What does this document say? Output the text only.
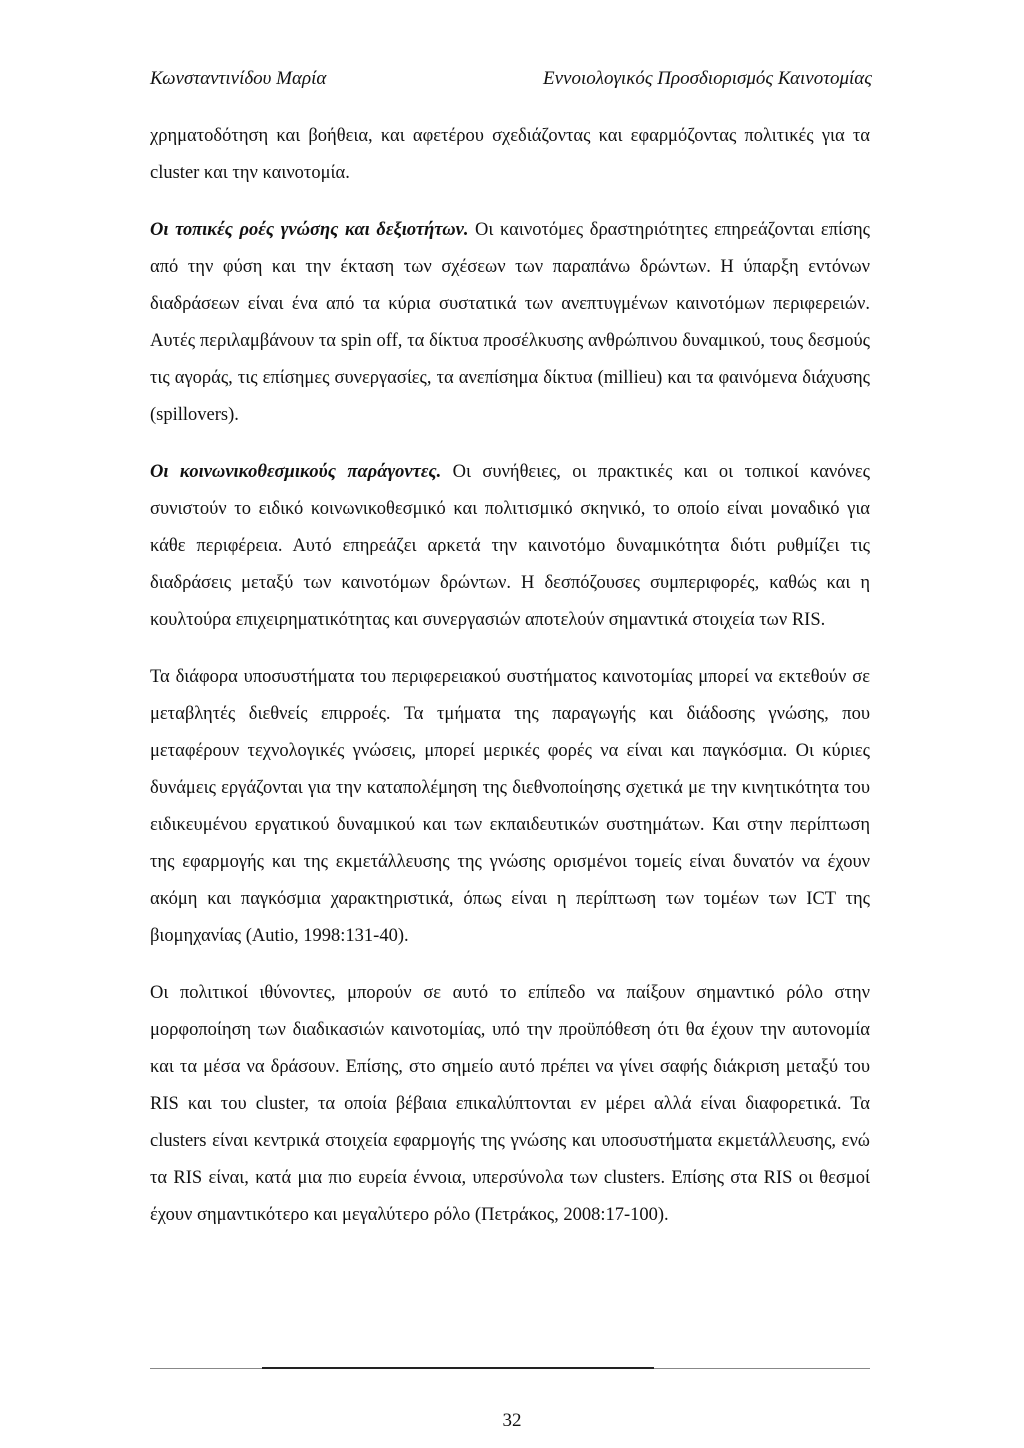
Κωνσταντινίδου Μαρία	Εννοιολογικός Προσδιορισμός Καινοτομίας

χρηματοδότηση και βοήθεια, και αφετέρου σχεδιάζοντας και εφαρμόζοντας πολιτικές για τα cluster και την καινοτομία.

Οι τοπικές ροές γνώσης και δεξιοτήτων. Οι καινοτόμες δραστηριότητες επηρεάζονται επίσης από την φύση και την έκταση των σχέσεων των παραπάνω δρώντων. Η ύπαρξη εντόνων διαδράσεων είναι ένα από τα κύρια συστατικά των ανεπτυγμένων καινοτόμων περιφερειών. Αυτές περιλαμβάνουν τα spin off, τα δίκτυα προσέλκυσης ανθρώπινου δυναμικού, τους δεσμούς τις αγοράς, τις επίσημες συνεργασίες, τα ανεπίσημα δίκτυα (millieu) και τα φαινόμενα διάχυσης (spillovers).

Οι κοινωνικοθεσμικούς παράγοντες. Οι συνήθειες, οι πρακτικές και οι τοπικοί κανόνες συνιστούν το ειδικό κοινωνικοθεσμικό και πολιτισμικό σκηνικό, το οποίο είναι μοναδικό για κάθε περιφέρεια. Αυτό επηρεάζει αρκετά την καινοτόμο δυναμικότητα διότι ρυθμίζει τις διαδράσεις μεταξύ των καινοτόμων δρώντων. Η δεσπόζουσες συμπεριφορές, καθώς και η κουλτούρα επιχειρηματικότητας και συνεργασιών αποτελούν σημαντικά στοιχεία των RIS.

Τα διάφορα υποσυστήματα του περιφερειακού συστήματος καινοτομίας μπορεί να εκτεθούν σε μεταβλητές διεθνείς επιρροές. Τα τμήματα της παραγωγής και διάδοσης γνώσης, που μεταφέρουν τεχνολογικές γνώσεις, μπορεί μερικές φορές να είναι και παγκόσμια. Οι κύριες δυνάμεις εργάζονται για την καταπολέμηση της διεθνοποίησης σχετικά με την κινητικότητα του ειδικευμένου εργατικού δυναμικού και των εκπαιδευτικών συστημάτων. Και στην περίπτωση της εφαρμογής και της εκμετάλλευσης της γνώσης ορισμένοι τομείς είναι δυνατόν να έχουν ακόμη και παγκόσμια χαρακτηριστικά, όπως είναι η περίπτωση των τομέων των ICT της βιομηχανίας (Autio, 1998:131-40).

Οι πολιτικοί ιθύνοντες, μπορούν σε αυτό το επίπεδο να παίξουν σημαντικό ρόλο στην μορφοποίηση των διαδικασιών καινοτομίας, υπό την προϋπόθεση ότι θα έχουν την αυτονομία και τα μέσα να δράσουν. Επίσης, στο σημείο αυτό πρέπει να γίνει σαφής διάκριση μεταξύ του RIS και του cluster, τα οποία βέβαια επικαλύπτονται εν μέρει αλλά είναι διαφορετικά. Τα clusters είναι κεντρικά στοιχεία εφαρμογής της γνώσης και υποσυστήματα εκμετάλλευσης, ενώ τα RIS είναι, κατά μια πιο ευρεία έννοια, υπερσύνολα των clusters. Επίσης στα RIS οι θεσμοί έχουν σημαντικότερο και μεγαλύτερο ρόλο (Πετράκος, 2008:17-100).

32
